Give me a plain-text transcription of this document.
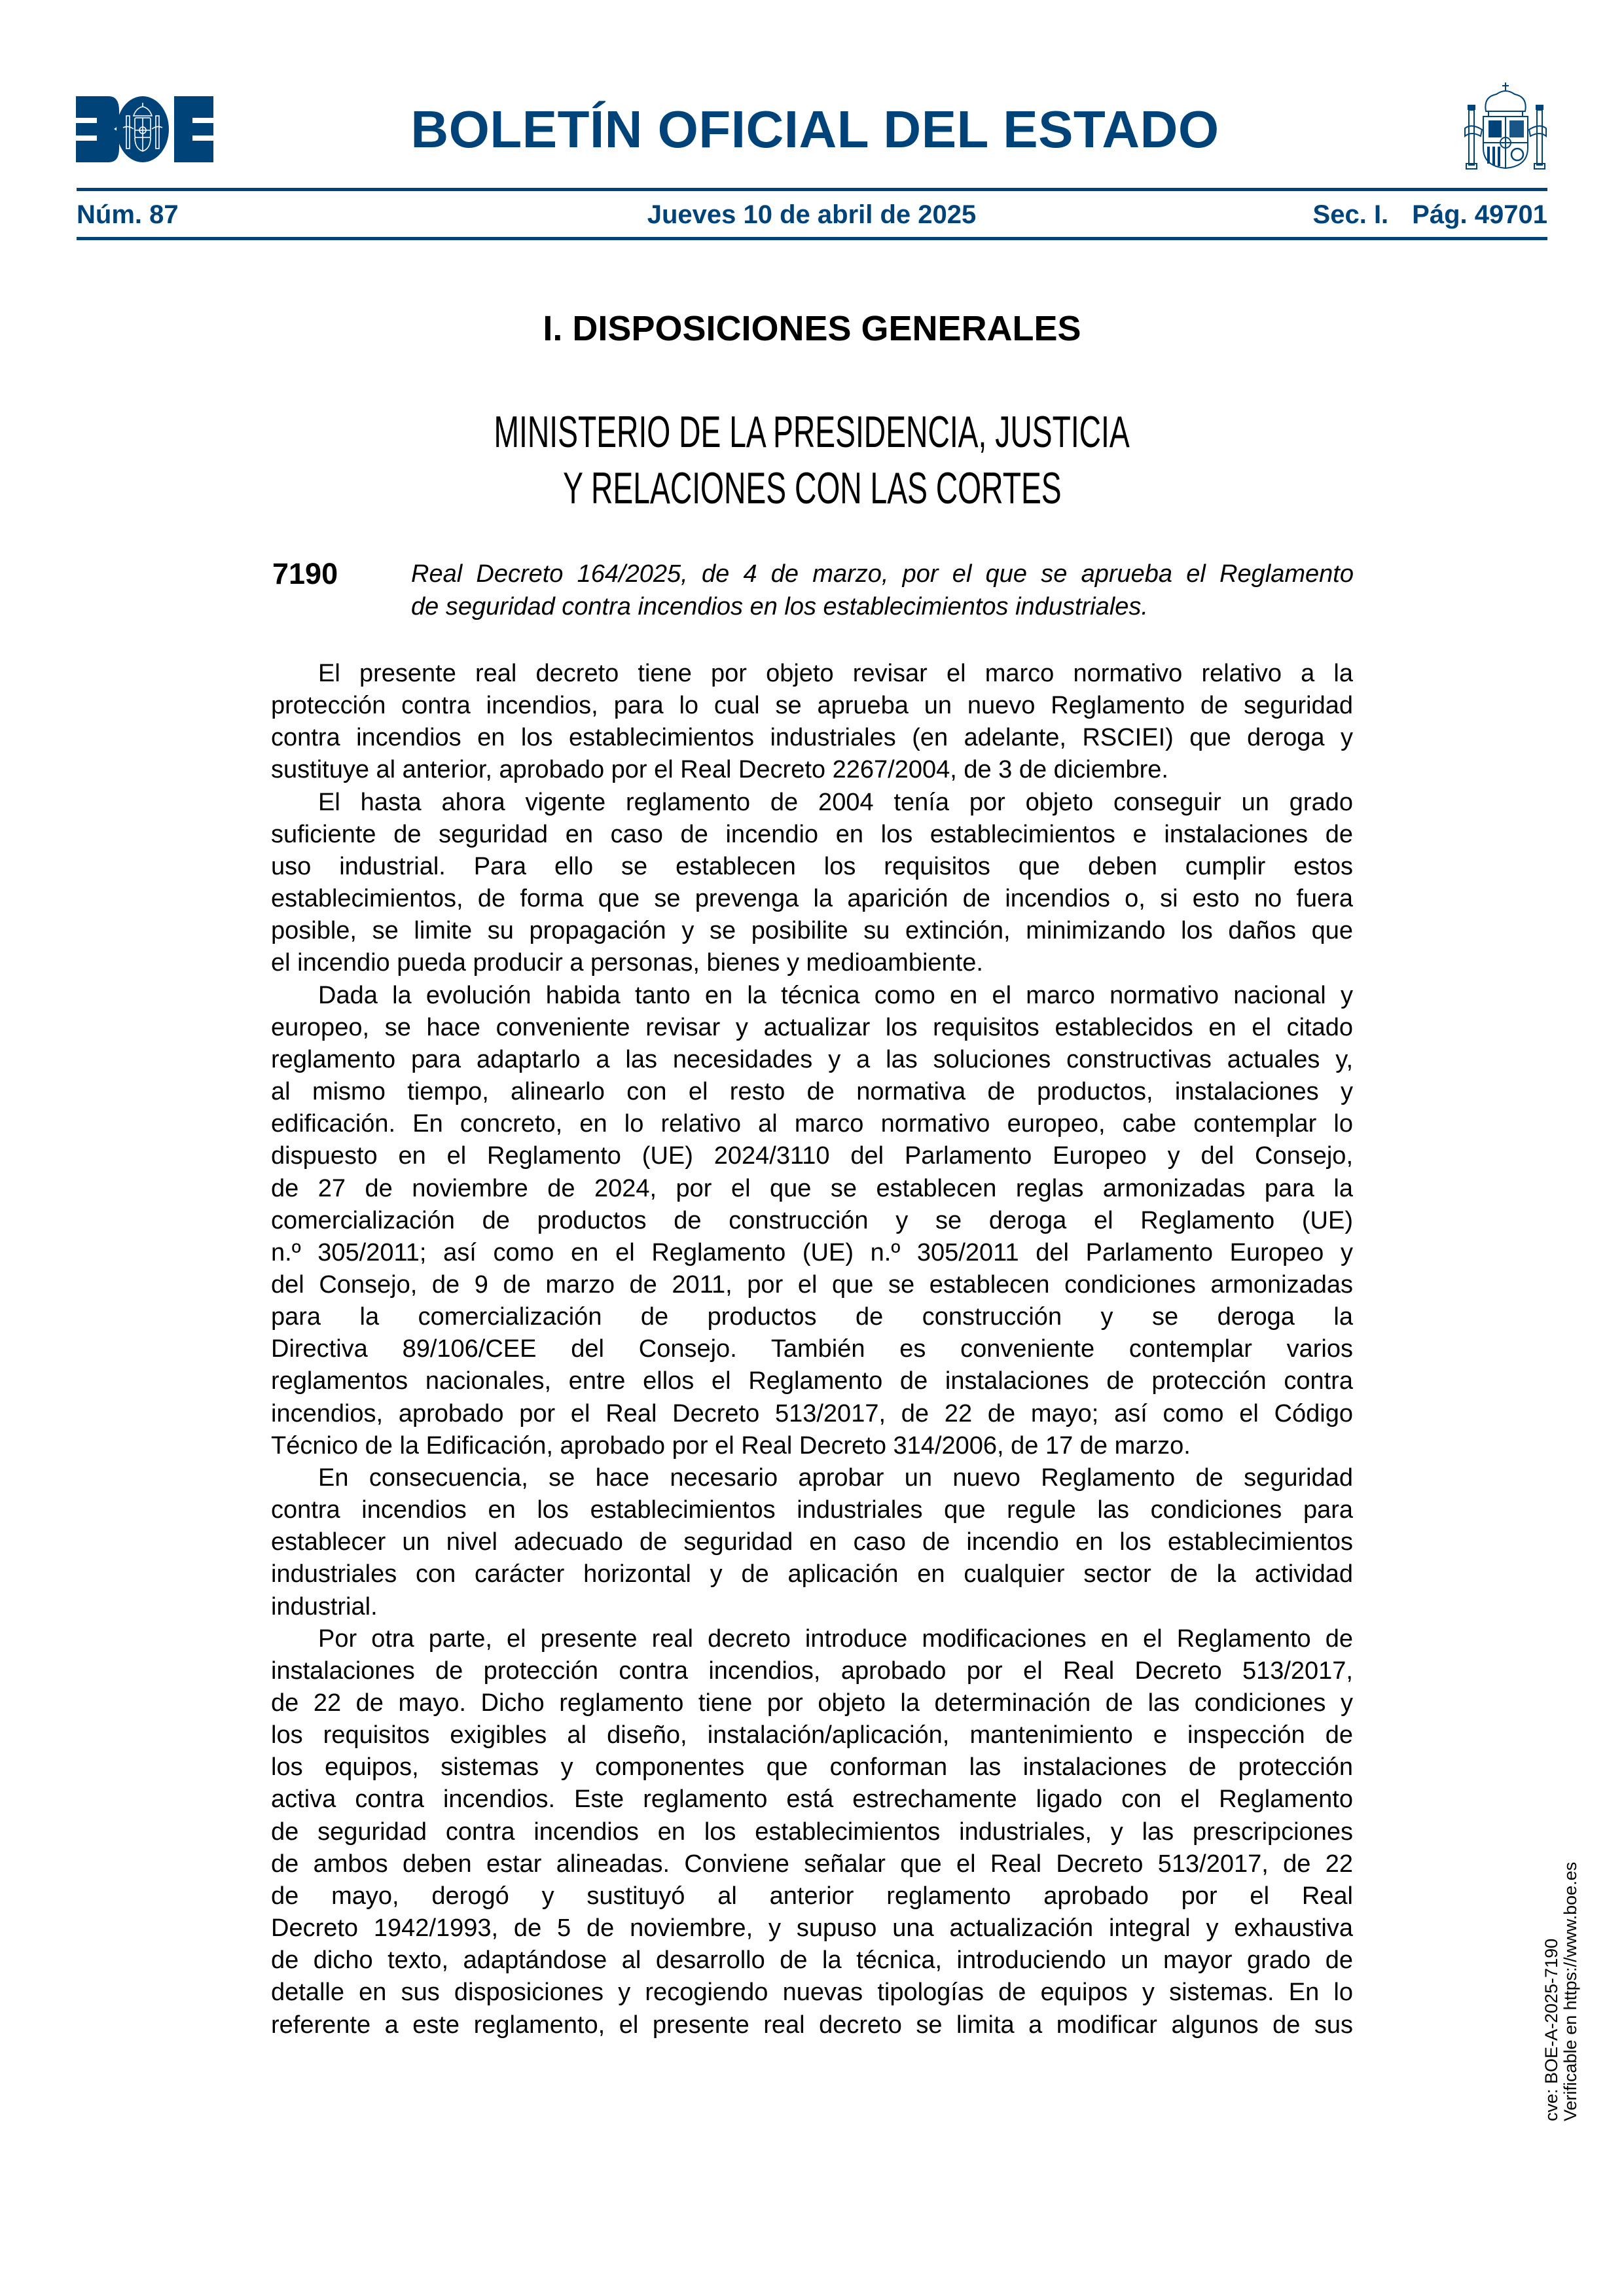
BOLETÍN OFICIAL DEL ESTADO
Núm. 87	Jueves 10 de abril de 2025	Sec. I. Pág. 49701
I. DISPOSICIONES GENERALES
MINISTERIO DE LA PRESIDENCIA, JUSTICIA
Y RELACIONES CON LAS CORTES
7190	Real Decreto 164/2025, de 4 de marzo, por el que se aprueba el Reglamento
de seguridad contra incendios en los establecimientos industriales.
El presente real decreto tiene por objeto revisar el marco normativo relativo a la
protección contra incendios, para lo cual se aprueba un nuevo Reglamento de seguridad
contra incendios en los establecimientos industriales (en adelante, RSCIEI) que deroga y
sustituye al anterior, aprobado por el Real Decreto 2267/2004, de 3 de diciembre.
El hasta ahora vigente reglamento de 2004 tenía por objeto conseguir un grado
suficiente de seguridad en caso de incendio en los establecimientos e instalaciones de
uso industrial. Para ello se establecen los requisitos que deben cumplir estos
establecimientos, de forma que se prevenga la aparición de incendios o, si esto no fuera
posible, se limite su propagación y se posibilite su extinción, minimizando los daños que
el incendio pueda producir a personas, bienes y medioambiente.
Dada la evolución habida tanto en la técnica como en el marco normativo nacional y
europeo, se hace conveniente revisar y actualizar los requisitos establecidos en el citado
reglamento para adaptarlo a las necesidades y a las soluciones constructivas actuales y,
al mismo tiempo, alinearlo con el resto de normativa de productos, instalaciones y
edificación. En concreto, en lo relativo al marco normativo europeo, cabe contemplar lo
dispuesto en el Reglamento (UE) 2024/3110 del Parlamento Europeo y del Consejo,
de 27 de noviembre de 2024, por el que se establecen reglas armonizadas para la
comercialización de productos de construcción y se deroga el Reglamento (UE)
n.º 305/2011; así como en el Reglamento (UE) n.º 305/2011 del Parlamento Europeo y
del Consejo, de 9 de marzo de 2011, por el que se establecen condiciones armonizadas
para la comercialización de productos de construcción y se deroga la
Directiva 89/106/CEE del Consejo. También es conveniente contemplar varios
reglamentos nacionales, entre ellos el Reglamento de instalaciones de protección contra
incendios, aprobado por el Real Decreto 513/2017, de 22 de mayo; así como el Código
Técnico de la Edificación, aprobado por el Real Decreto 314/2006, de 17 de marzo.
En consecuencia, se hace necesario aprobar un nuevo Reglamento de seguridad
contra incendios en los establecimientos industriales que regule las condiciones para
establecer un nivel adecuado de seguridad en caso de incendio en los establecimientos
industriales con carácter horizontal y de aplicación en cualquier sector de la actividad
industrial.
Por otra parte, el presente real decreto introduce modificaciones en el Reglamento de
instalaciones de protección contra incendios, aprobado por el Real Decreto 513/2017,
de 22 de mayo. Dicho reglamento tiene por objeto la determinación de las condiciones y
los requisitos exigibles al diseño, instalación/aplicación, mantenimiento e inspección de
los equipos, sistemas y componentes que conforman las instalaciones de protección
activa contra incendios. Este reglamento está estrechamente ligado con el Reglamento
de seguridad contra incendios en los establecimientos industriales, y las prescripciones
de ambos deben estar alineadas. Conviene señalar que el Real Decreto 513/2017, de 22
de mayo, derogó y sustituyó al anterior reglamento aprobado por el Real
Decreto 1942/1993, de 5 de noviembre, y supuso una actualización integral y exhaustiva
de dicho texto, adaptándose al desarrollo de la técnica, introduciendo un mayor grado de
detalle en sus disposiciones y recogiendo nuevas tipologías de equipos y sistemas. En lo
referente a este reglamento, el presente real decreto se limita a modificar algunos de sus	cve: BOE-A-2025-7190 Verificable en https://www.boe.es
